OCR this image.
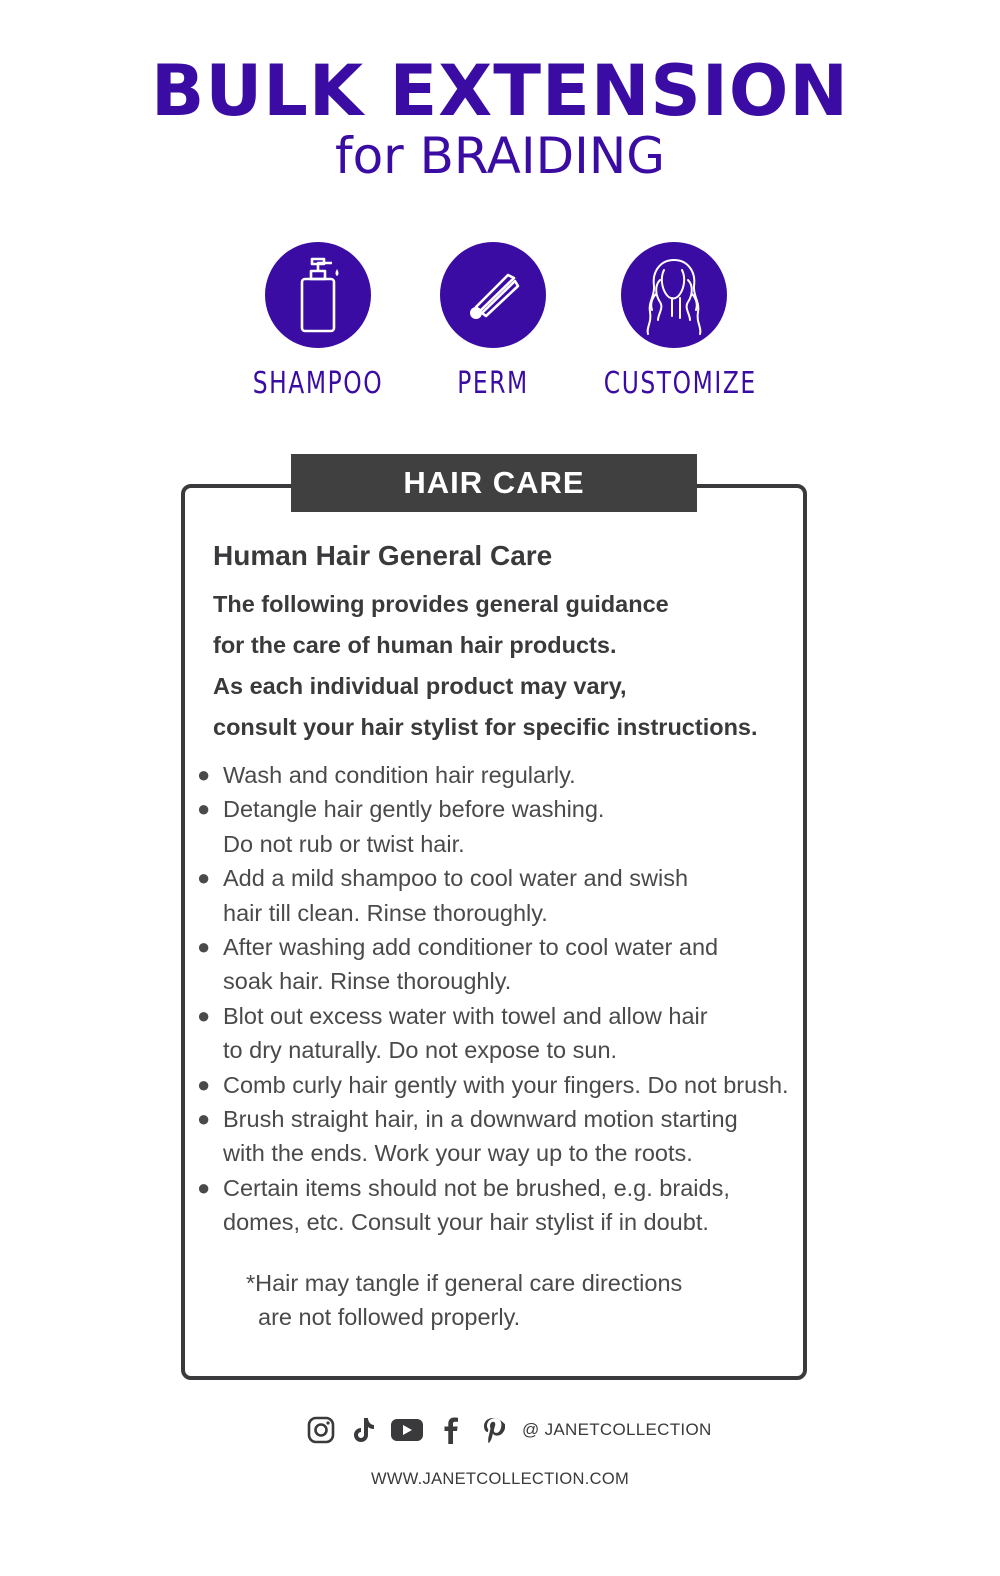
BULK EXTENSION
for BRAIDING
SHAMPOO	PERM	CUSTOMIZE
HAIR CARE
Human Hair General Care
The following provides general guidance
for the care of human hair products.
As each individual product may vary,
consult your hair stylist for specific instructions.
● Wash and condition hair regularly.
● Detangle hair gently before washing.
Do not rub or twist hair.
● Add a mild shampoo to cool water and swish
hair till clean. Rinse thoroughly.
● After washing add conditioner to cool water and
soak hair. Rinse thoroughly.
● Blot out excess water with towel and allow hair
to dry naturally. Do not expose to sun.
● Comb curly hair gently with your fingers. Do not brush.
● Brush straight hair, in a downward motion starting
with the ends. Work your way up to the roots.
● Certain items should not be brushed, e.g. braids,
domes, etc. Consult your hair stylist if in doubt.
*Hair may tangle if general care directions
are not followed properly.
@ JANETCOLLECTION
WWW.JANETCOLLECTION.COM
